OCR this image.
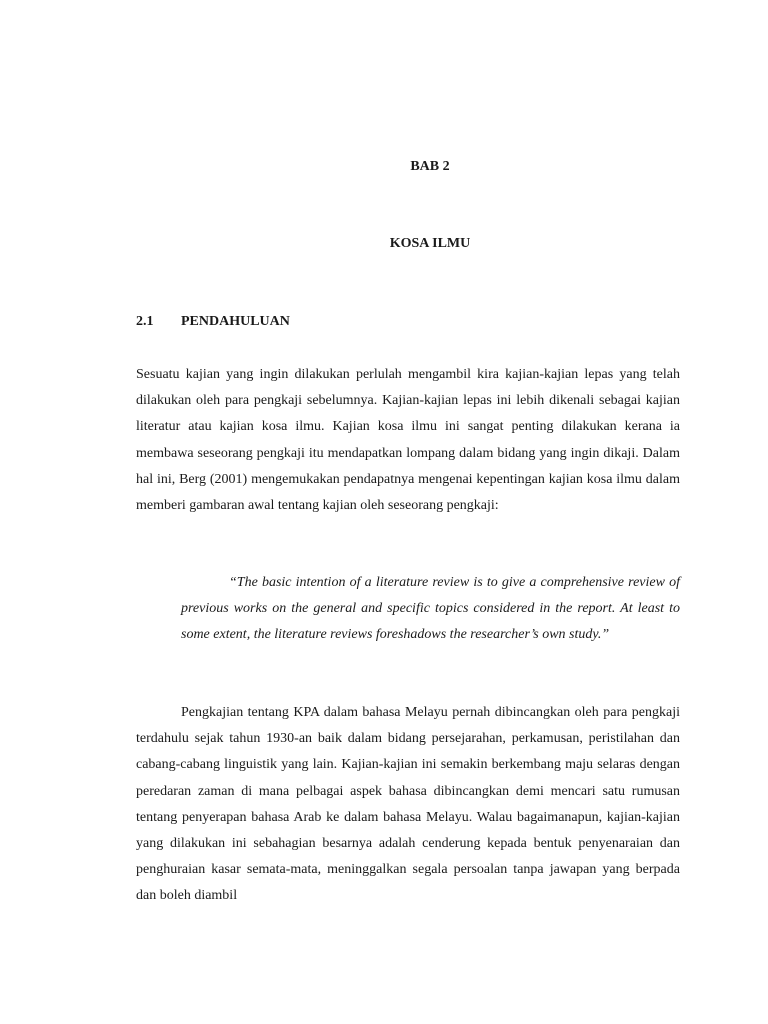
BAB 2
KOSA ILMU
2.1 PENDAHULUAN

Sesuatu kajian yang ingin dilakukan perlulah mengambil kira kajian-kajian lepas yang telah dilakukan oleh para pengkaji sebelumnya. Kajian-kajian lepas ini lebih dikenali sebagai kajian literatur atau kajian kosa ilmu. Kajian kosa ilmu ini sangat penting dilakukan kerana ia membawa seseorang pengkaji itu mendapatkan lompang dalam bidang yang ingin dikaji. Dalam hal ini, Berg (2001) mengemukakan pendapatnya mengenai kepentingan kajian kosa ilmu dalam memberi gambaran awal tentang kajian oleh seseorang pengkaji:

“The basic intention of a literature review is to give a comprehensive review of previous works on the general and specific topics considered in the report. At least to some extent, the literature reviews foreshadows the researcher’s own study.”

Pengkajian tentang KPA dalam bahasa Melayu pernah dibincangkan oleh para pengkaji terdahulu sejak tahun 1930-an baik dalam bidang persejarahan, perkamusan, peristilahan dan cabang-cabang linguistik yang lain. Kajian-kajian ini semakin berkembang maju selaras dengan peredaran zaman di mana pelbagai aspek bahasa dibincangkan demi mencari satu rumusan tentang penyerapan bahasa Arab ke dalam bahasa Melayu. Walau bagaimanapun, kajian-kajian yang dilakukan ini sebahagian besarnya adalah cenderung kepada bentuk penyenaraian dan penghuraian kasar semata-mata, meninggalkan segala persoalan tanpa jawapan yang berpada dan boleh diambil
